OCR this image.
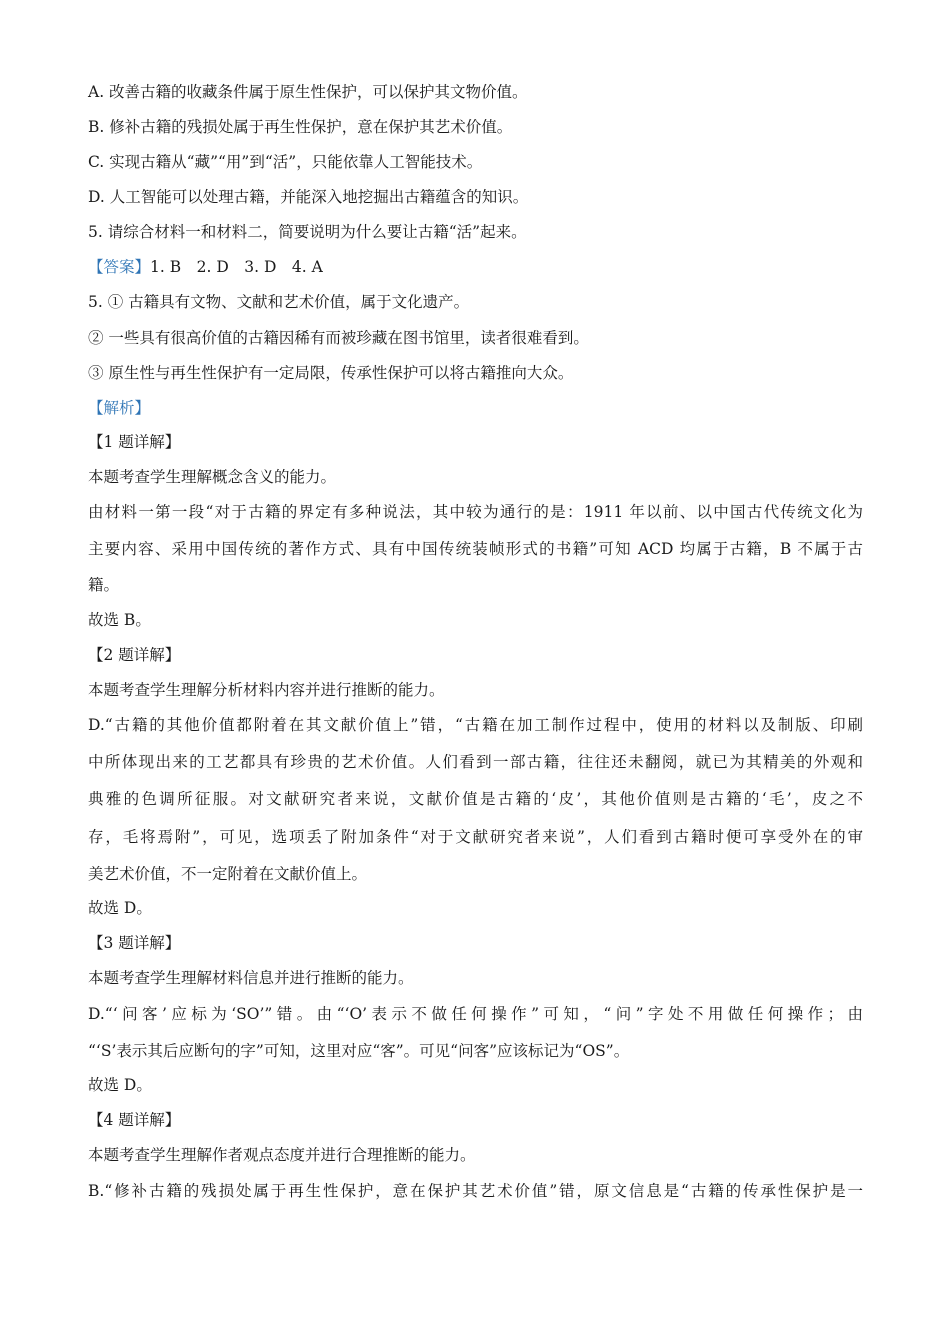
A. 改善古籍的收藏条件属于原生性保护，可以保护其文物价值。
B. 修补古籍的残损处属于再生性保护，意在保护其艺术价值。
C. 实现古籍从“藏”“用”到“活”，只能依靠人工智能技术。
D. 人工智能可以处理古籍，并能深入地挖掘出古籍蕴含的知识。
5. 请综合材料一和材料二，简要说明为什么要让古籍“活”起来。
【答案】1. B　2. D　3. D　4. A
5. ① 古籍具有文物、文献和艺术价值，属于文化遗产。
② 一些具有很高价值的古籍因稀有而被珍藏在图书馆里，读者很难看到。
③ 原生性与再生性保护有一定局限，传承性保护可以将古籍推向大众。
【解析】
【1 题详解】
本题考查学生理解概念含义的能力。
由材料一第一段“对于古籍的界定有多种说法，其中较为通行的是：1911 年以前、以中国古代传统文化为
主要内容、采用中国传统的著作方式、具有中国传统装帧形式的书籍”可知 ACD 均属于古籍，B 不属于古
籍。
故选 B。
【2 题详解】
本题考查学生理解分析材料内容并进行推断的能力。
D.“古籍的其他价值都附着在其文献价值上”错，“古籍在加工制作过程中，使用的材料以及制版、印刷
中所体现出来的工艺都具有珍贵的艺术价值。人们看到一部古籍，往往还未翻阅，就已为其精美的外观和
典雅的色调所征服。对文献研究者来说，文献价值是古籍的‘皮’，其他价值则是古籍的‘毛’，皮之不
存，毛将焉附”，可见，选项丢了附加条件“对于文献研究者来说”，人们看到古籍时便可享受外在的审
美艺术价值，不一定附着在文献价值上。
故选 D。
【3 题详解】
本题考查学生理解材料信息并进行推断的能力。
D.“‘问客’应标为‘SO’”错。由“‘O’表示不做任何操作”可知，“问”字处不用做任何操作；由
“‘S’表示其后应断句的字”可知，这里对应“客”。可见“问客”应该标记为“OS”。
故选 D。
【4 题详解】
本题考查学生理解作者观点态度并进行合理推断的能力。
B.“修补古籍的残损处属于再生性保护，意在保护其艺术价值”错，原文信息是“古籍的传承性保护是一
